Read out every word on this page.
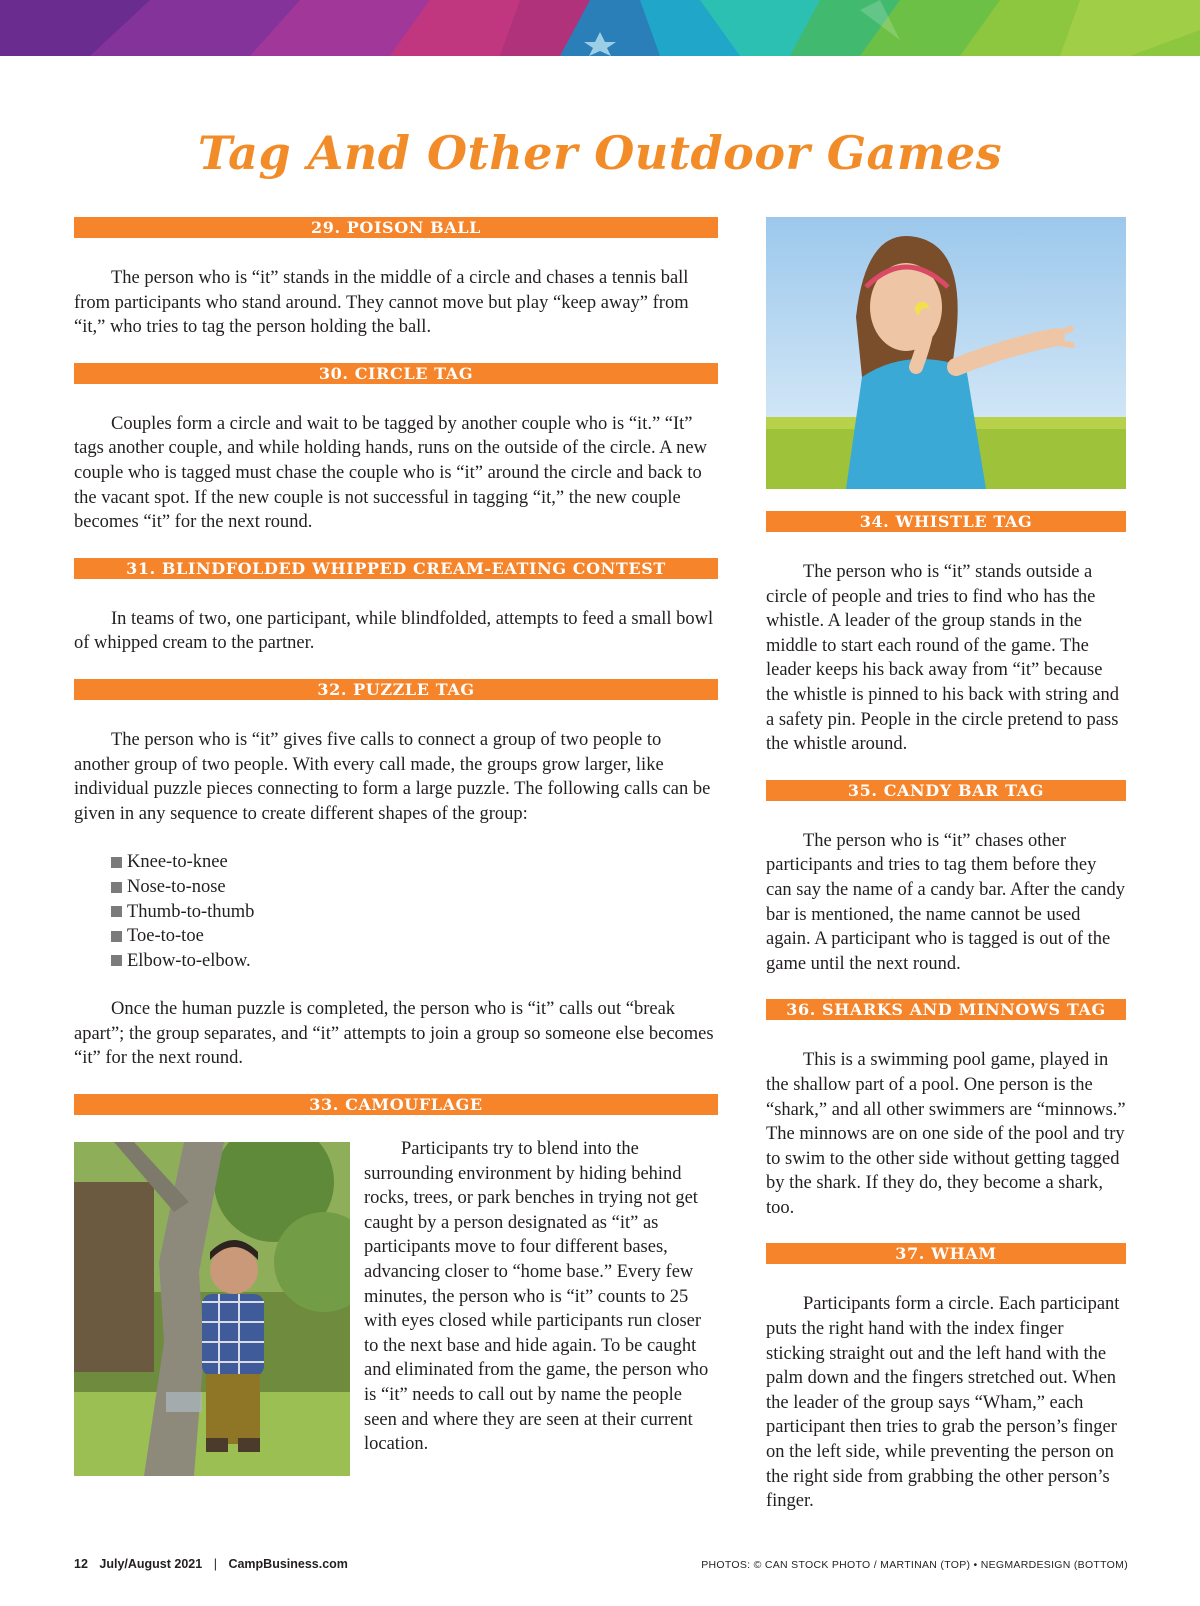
Tag And Other Outdoor Games
29. POISON BALL

The person who is “it” stands in the middle of a circle and chases a tennis ball from participants who stand around. They cannot move but play “keep away” from “it,” who tries to tag the person holding the ball.

30. CIRCLE TAG

Couples form a circle and wait to be tagged by another couple who is “it.” “It” tags another couple, and while holding hands, runs on the outside of the circle. A new couple who is tagged must chase the couple who is “it” around the circle and back to the vacant spot. If the new couple is not successful in tagging “it,” the new couple becomes “it” for the next round.

31. BLINDFOLDED WHIPPED CREAM-EATING CONTEST

In teams of two, one participant, while blindfolded, attempts to feed a small bowl of whipped cream to the partner.

32. PUZZLE TAG

The person who is “it” gives five calls to connect a group of two people to another group of two people. With every call made, the groups grow larger, like individual puzzle pieces connecting to form a large puzzle. The following calls can be given in any sequence to create different shapes of the group:

Knee-to-knee
Nose-to-nose
Thumb-to-thumb
Toe-to-toe
Elbow-to-elbow.

Once the human puzzle is completed, the person who is “it” calls out “break apart”; the group separates, and “it” attempts to join a group so someone else becomes “it” for the next round.

33. CAMOUFLAGE

Participants try to blend into the surrounding environment by hiding behind rocks, trees, or park benches in trying not get caught by a person designated as “it” as participants move to four different bases, advancing closer to “home base.” Every few minutes, the person who is “it” counts to 25 with eyes closed while participants run closer to the next base and hide again. To be caught and eliminated from the game, the person who is “it” needs to call out by name the people seen and where they are seen at their current location.

34. WHISTLE TAG

The person who is “it” stands outside a circle of people and tries to find who has the whistle. A leader of the group stands in the middle to start each round of the game. The leader keeps his back away from “it” because the whistle is pinned to his back with string and a safety pin. People in the circle pretend to pass the whistle around.

35. CANDY BAR TAG

The person who is “it” chases other participants and tries to tag them before they can say the name of a candy bar. After the candy bar is mentioned, the name cannot be used again. A participant who is tagged is out of the game until the next round.

36. SHARKS AND MINNOWS TAG

This is a swimming pool game, played in the shallow part of a pool. One person is the “shark,” and all other swimmers are “minnows.” The minnows are on one side of the pool and try to swim to the other side without getting tagged by the shark. If they do, they become a shark, too.

37. WHAM

Participants form a circle. Each participant puts the right hand with the index finger sticking straight out and the left hand with the palm down and the fingers stretched out. When the leader of the group says “Wham,” each participant then tries to grab the person’s finger on the left side, while preventing the person on the right side from grabbing the other person’s finger.

12 July/August 2021 | CampBusiness.com	PHOTOS: © CAN STOCK PHOTO / MARTINAN (TOP) • NEGMARDESIGN (BOTTOM)
